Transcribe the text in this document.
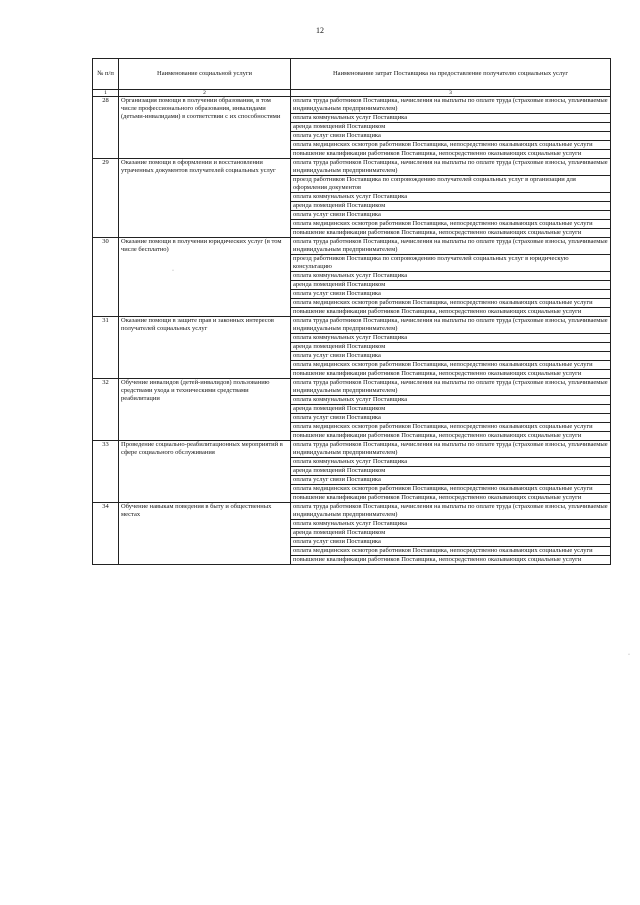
12
№ п/п	Наименование социальной услуги	Наименование затрат Поставщика на предоставление получателю социальных услуг
1	2	3
28	Организация помощи в получении образования, в том числе профессионального образования, инвалидами (детьми-инвалидами) в соответствии с их способностями	оплата труда работников Поставщика, начисления на выплаты по оплате труда (страховые взносы, уплачиваемые индивидуальным предпринимателем)
		оплата коммунальных услуг Поставщика
		аренда помещений Поставщиком
		оплата услуг связи Поставщика
		оплата медицинских осмотров работников Поставщика, непосредственно оказывающих социальные услуги
		повышение квалификации работников Поставщика, непосредственно оказывающих социальные услуги
29	Оказание помощи в оформлении и восстановлении утраченных документов получателей социальных услуг	оплата труда работников Поставщика, начисления на выплаты по оплате труда (страховые взносы, уплачиваемые индивидуальным предпринимателем)
		проезд работников Поставщика по сопровождению получателей социальных услуг в организации для оформления документов
		оплата коммунальных услуг Поставщика
		аренда помещений Поставщиком
		оплата услуг связи Поставщика
		оплата медицинских осмотров работников Поставщика, непосредственно оказывающих социальные услуги
		повышение квалификации работников Поставщика, непосредственно оказывающих социальные услуги
30	Оказание помощи в получении юридических услуг (в том числе бесплатно)	оплата труда работников Поставщика, начисления на выплаты по оплате труда (страховые взносы, уплачиваемые индивидуальным предпринимателем)
		проезд работников Поставщика по сопровождению получателей социальных услуг в юридическую консультацию
		оплата коммунальных услуг Поставщика
		аренда помещений Поставщиком
		оплата услуг связи Поставщика
		оплата медицинских осмотров работников Поставщика, непосредственно оказывающих социальные услуги
		повышение квалификации работников Поставщика, непосредственно оказывающих социальные услуги
31	Оказание помощи в защите прав и законных интересов получателей социальных услуг	оплата труда работников Поставщика, начисления на выплаты по оплате труда (страховые взносы, уплачиваемые индивидуальным предпринимателем)
		оплата коммунальных услуг Поставщика
		аренда помещений Поставщиком
		оплата услуг связи Поставщика
		оплата медицинских осмотров работников Поставщика, непосредственно оказывающих социальные услуги
		повышение квалификации работников Поставщика, непосредственно оказывающих социальные услуги
32	Обучение инвалидов (детей-инвалидов) пользованию средствами ухода и техническими средствами реабилитации	оплата труда работников Поставщика, начисления на выплаты по оплате труда (страховые взносы, уплачиваемые индивидуальным предпринимателем)
		оплата коммунальных услуг Поставщика
		аренда помещений Поставщиком
		оплата услуг связи Поставщика
		оплата медицинских осмотров работников Поставщика, непосредственно оказывающих социальные услуги
		повышение квалификации работников Поставщика, непосредственно оказывающих социальные услуги
33	Проведение социально-реабилитационных мероприятий в сфере социального обслуживания	оплата труда работников Поставщика, начисления на выплаты по оплате труда (страховые взносы, уплачиваемые индивидуальным предпринимателем)
		оплата коммунальных услуг Поставщика
		аренда помещений Поставщиком
		оплата услуг связи Поставщика
		оплата медицинских осмотров работников Поставщика, непосредственно оказывающих социальные услуги
		повышение квалификации работников Поставщика, непосредственно оказывающих социальные услуги
34	Обучение навыкам поведения в быту и общественных местах	оплата труда работников Поставщика, начисления на выплаты по оплате труда (страховые взносы, уплачиваемые индивидуальным предпринимателем)
		оплата коммунальных услуг Поставщика
		аренда помещений Поставщиком
		оплата услуг связи Поставщика
		оплата медицинских осмотров работников Поставщика, непосредственно оказывающих социальные услуги
		повышение квалификации работников Поставщика, непосредственно оказывающих социальные услуги
·
·
